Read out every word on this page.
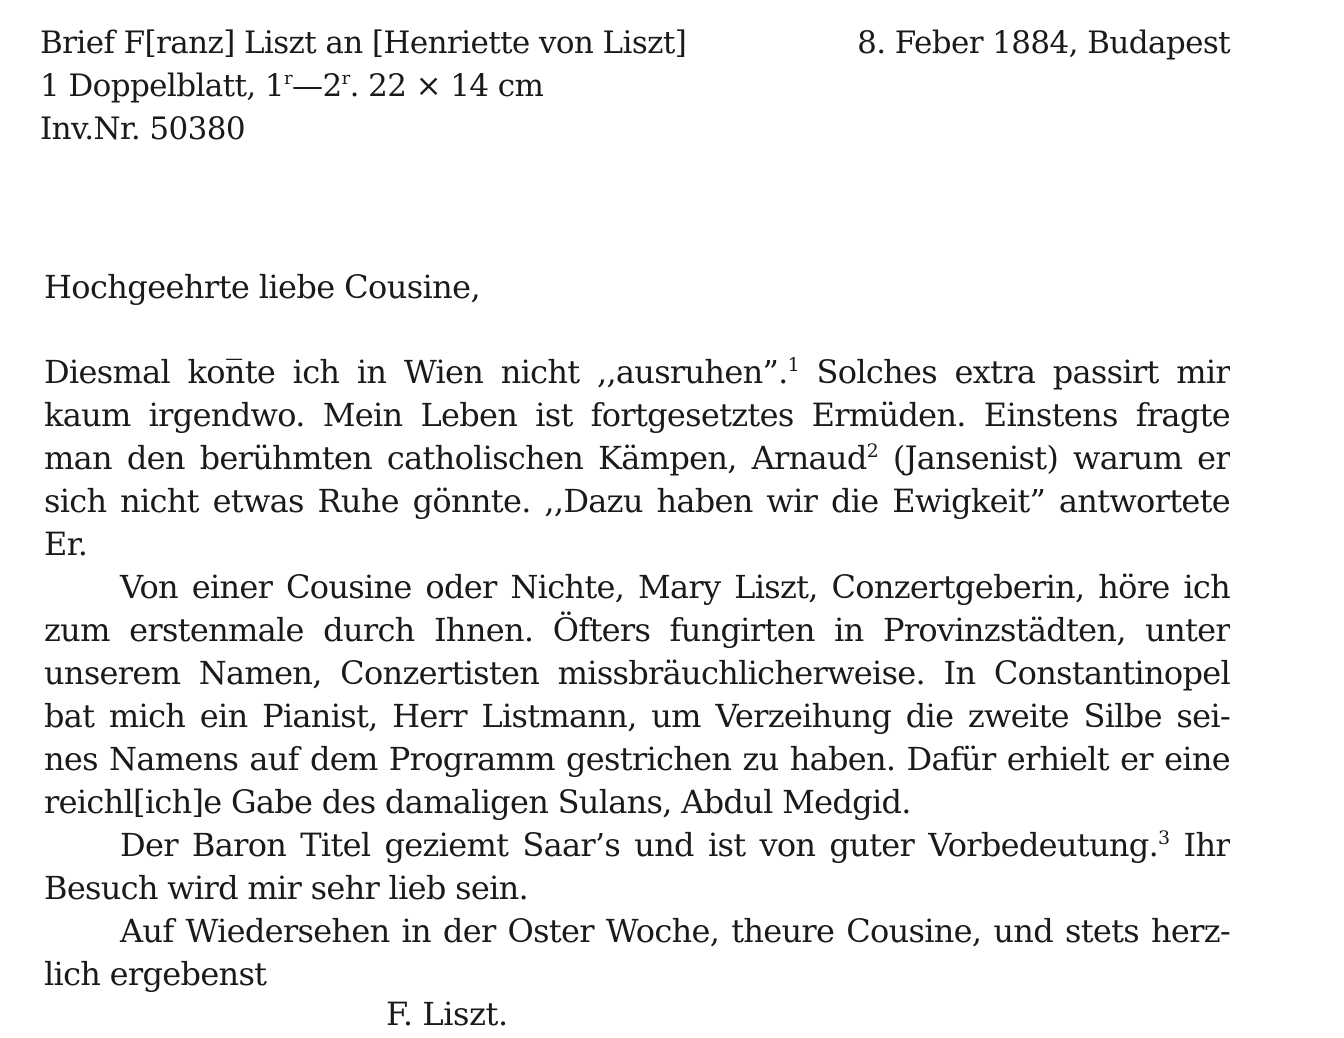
Brief F[ranz] Liszt an [Henriette von Liszt]	8. Feber 1884, Budapest
1 Doppelblatt, 1$^r$—2$^r$. 22 × 14 cm
Inv.Nr. 50380
Hochgeehrte liebe Cousine,
Diesmal kon̅te ich in Wien nicht ,,ausruhen”.$^1$ Solches extra passirt mir
kaum irgendwo. Mein Leben ist fortgesetztes Ermüden. Einstens fragte
man den berühmten catholischen Kämpen, Arnaud$^2$ (Jansenist) warum er
sich nicht etwas Ruhe gönnte. ,,Dazu haben wir die Ewigkeit” antwortete
Er.
Von einer Cousine oder Nichte, Mary Liszt, Conzertgeberin, höre ich
zum erstenmale durch Ihnen. Öfters fungirten in Provinzstädten, unter
unserem Namen, Conzertisten missbräuchlicherweise. In Constantinopel
bat mich ein Pianist, Herr Listmann, um Verzeihung die zweite Silbe sei-
nes Namens auf dem Programm gestrichen zu haben. Dafür erhielt er eine
reichl[ich]e Gabe des damaligen Sulans, Abdul Medgid.
Der Baron Titel geziemt Saar’s und ist von guter Vorbedeutung.$^3$ Ihr
Besuch wird mir sehr lieb sein.
Auf Wiedersehen in der Oster Woche, theure Cousine, und stets herz-
lich ergebenst
F. Liszt.
